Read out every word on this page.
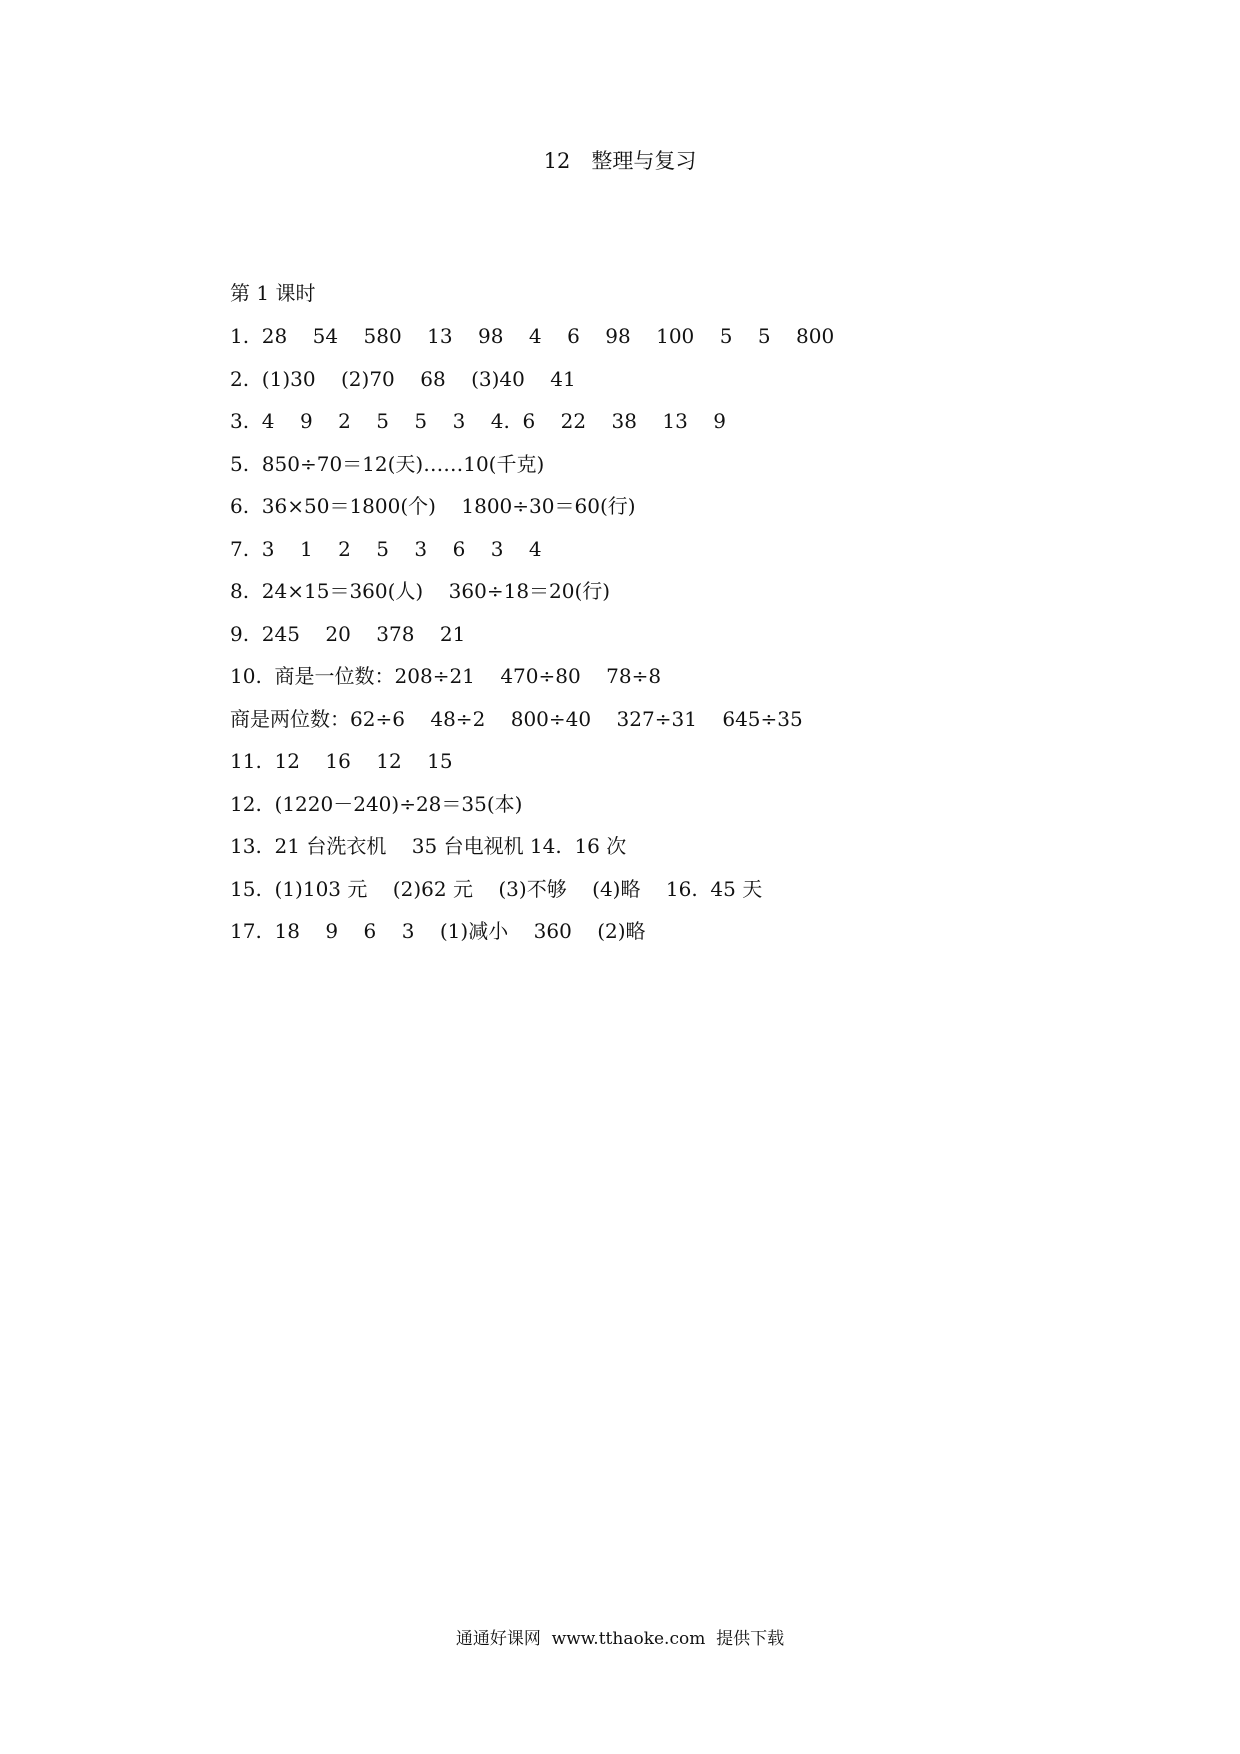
12　整理与复习
第 1 课时
1.  28    54    580    13    98    4    6    98    100    5    5    800
2.  (1)30    (2)70    68    (3)40    41
3.  4    9    2    5    5    3    4.  6    22    38    13    9
5.  850÷70＝12(天)……10(千克)
6.  36×50＝1800(个)    1800÷30＝60(行)
7.  3    1    2    5    3    6    3    4
8.  24×15＝360(人)    360÷18＝20(行)
9.  245    20    378    21
10.  商是一位数：208÷21    470÷80    78÷8
商是两位数：62÷6    48÷2    800÷40    327÷31    645÷35
11.  12    16    12    15
12.  (1220－240)÷28＝35(本)
13.  21 台洗衣机    35 台电视机 14.  16 次
15.  (1)103 元    (2)62 元    (3)不够    (4)略    16.  45 天
17.  18    9    6    3    (1)减小    360    (2)略
通通好课网  www.tthaoke.com  提供下载
